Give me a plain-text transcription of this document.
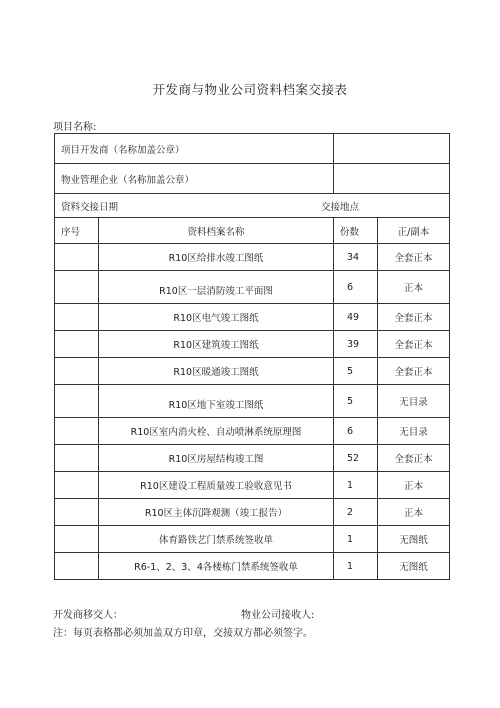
开发商与物业公司资料档案交接表
项目名称:
项目开发商（名称加盖公章）			
物业管理企业（名称加盖公章）			

资料交接日期 交接地点			

序号	资料档案名称	份数	正/副本
	R10区给排水竣工图纸	34	全套正本
	R10区一层消防竣工平面图	6	正本
	R10区电气竣工图纸	49	全套正本
	R10区建筑竣工图纸	39	全套正本
	R10区暖通竣工图纸	5	全套正本
	R10区地下室竣工图纸	5	无目录
	R10区室内消火栓、自动喷淋系统原理图	6	无目录
	R10区房屋结构竣工图	52	全套正本
	R10区建设工程质量竣工验收意见书	1	正本
	R10区主体沉降观测（竣工报告）	2	正本
	体育路铁艺门禁系统签收单	1	无图纸
	R6-1、2、3、4各楼栋门禁系统签收单	1	无图纸
开发商移交人：	物业公司接收人:
注：每页表格都必须加盖双方印章，交接双方都必须签字。
